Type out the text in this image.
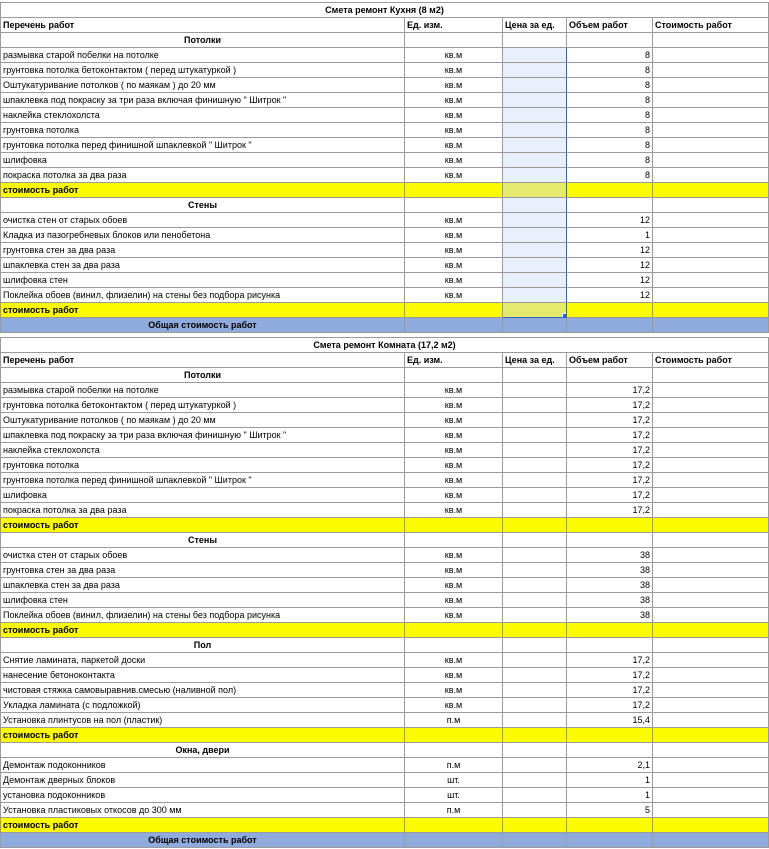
Смета ремонт Кухня (8 м2)				
Перечень работ	Ед. изм.	Цена за ед.	Объем работ	Стоимость работ
Потолки				
размывка старой побелки на потолке	кв.м		8	
грунтовка потолка бетоконтактом ( перед штукатуркой )	кв.м		8	
Оштукатуривание потолков ( по маякам ) до 20 мм	кв.м		8	
шпаклевка под покраску за три раза включая финишную " Шитрок "	кв.м		8	
наклейка стеклохолста	кв.м		8	
грунтовка потолка	кв.м		8	
грунтовка потолка перед финишной шпаклевкой " Шитрок "	кв.м		8	
шлифовка	кв.м		8	
покраска потолка за два раза	кв.м		8	
стоимость работ				
Стены				
очистка стен от старых обоев	кв.м		12	
Кладка из пазогребневых блоков или пенобетона	кв.м		1	
грунтовка стен за два раза	кв.м		12	
шпаклевка стен за два раза	кв.м		12	
шлифовка стен	кв.м		12	
Поклейка обоев (винил, флизелин) на стены без подбора рисунка	кв.м		12	
стоимость работ		

Общая стоимость работ				
Смета ремонт Комната (17,2 м2)				
Перечень работ	Ед. изм.	Цена за ед.	Объем работ	Стоимость работ
Потолки				
размывка старой побелки на потолке	кв.м		17,2	
грунтовка потолка бетоконтактом ( перед штукатуркой )	кв.м		17,2	
Оштукатуривание потолков ( по маякам ) до 20 мм	кв.м		17,2	
шпаклевка под покраску за три раза включая финишную " Шитрок "	кв.м		17,2	
наклейка стеклохолста	кв.м		17,2	
грунтовка потолка	кв.м		17,2	
грунтовка потолка перед финишной шпаклевкой " Шитрок "	кв.м		17,2	
шлифовка	кв.м		17,2	
покраска потолка за два раза	кв.м		17,2	
стоимость работ				
Стены				
очистка стен от старых обоев	кв.м		38	
грунтовка стен за два раза	кв.м		38	
шпаклевка стен за два раза	кв.м		38	
шлифовка стен	кв.м		38	
Поклейка обоев (винил, флизелин) на стены без подбора рисунка	кв.м		38	
стоимость работ				
Пол				
Снятие ламината, паркетой доски	кв.м		17,2	
нанесение бетоноконтакта	кв.м		17,2	
чистовая стяжка самовыравнив.смесью (наливной пол)	кв.м		17,2	
Укладка ламината (с подложкой)	кв.м		17,2	
Установка плинтусов на пол (пластик)	п.м		15,4	
стоимость работ				
Окна, двери				
Демонтаж подоконников	п.м		2,1	
Демонтаж дверных блоков	шт.		1	
установка подоконников	шт.		1	
Установка пластиковых откосов до 300 мм	п.м		5	
стоимость работ				
Общая стоимость работ				
